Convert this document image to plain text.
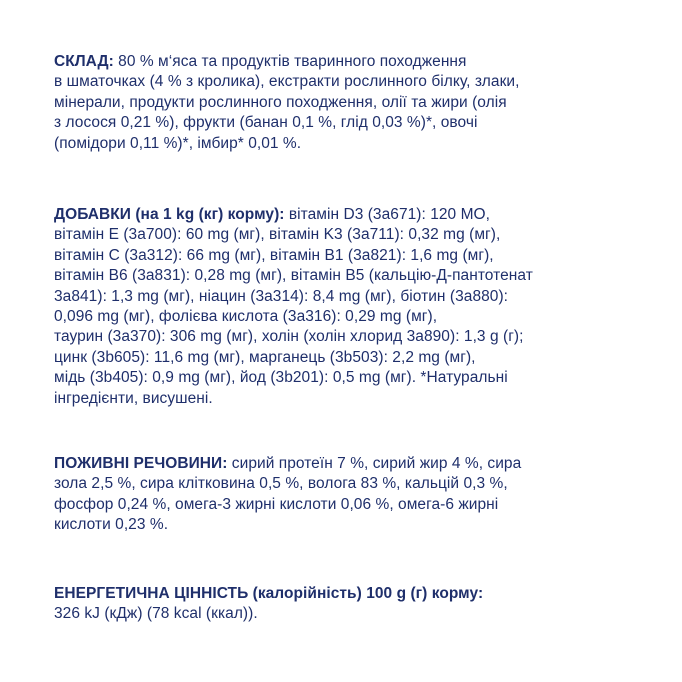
СКЛАД: 80 % м‘яса та продуктів тваринного походження
в шматочках (4 % з кролика), екстракти рослинного білку, злаки,
мінерали, продукти рослинного походження, олії та жири (олія
з лосося 0,21 %), фрукти (банан 0,1 %, глід 0,03 %)*, овочі
(помідори 0,11 %)*, імбир* 0,01 %.
ДОБАВКИ (на 1 kg (кг) корму): вітамін D3 (3а671): 120 МО,
вітамін E (3a700): 60 mg (мг), вітамін K3 (3a711): 0,32 mg (мг),
вітамін C (3a312): 66 mg (мг), вітамін B1 (3a821): 1,6 mg (мг),
вітамін B6 (3a831): 0,28 mg (мг), вітамін B5 (кальцію-Д-пантотенат
3a841): 1,3 mg (мг), ніацин (3a314): 8,4 mg (мг), біотин (3a880):
0,096 mg (мг), фолієва кислота (3a316): 0,29 mg (мг),
таурин (3a370): 306 mg (мг), холін (холін хлорид 3a890): 1,3 g (г);
цинк (3b605): 11,6 mg (мг), марганець (3b503): 2,2 mg (мг),
мідь (3b405): 0,9 mg (мг), йод (3b201): 0,5 mg (мг). *Натуральні
інгредієнти, висушені.
ПОЖИВНІ РЕЧОВИНИ: сирий протеїн 7 %, сирий жир 4 %, сира
зола 2,5 %, сира клітковина 0,5 %, волога 83 %, кальцій 0,3 %,
фосфор 0,24 %, омега-3 жирні кислоти 0,06 %, омега-6 жирні
кислоти 0,23 %.
ЕНЕРГЕТИЧНА ЦІННІСТЬ (калорійність) 100 g (г) корму:
326 kJ (кДж) (78 kcal (ккал)).
